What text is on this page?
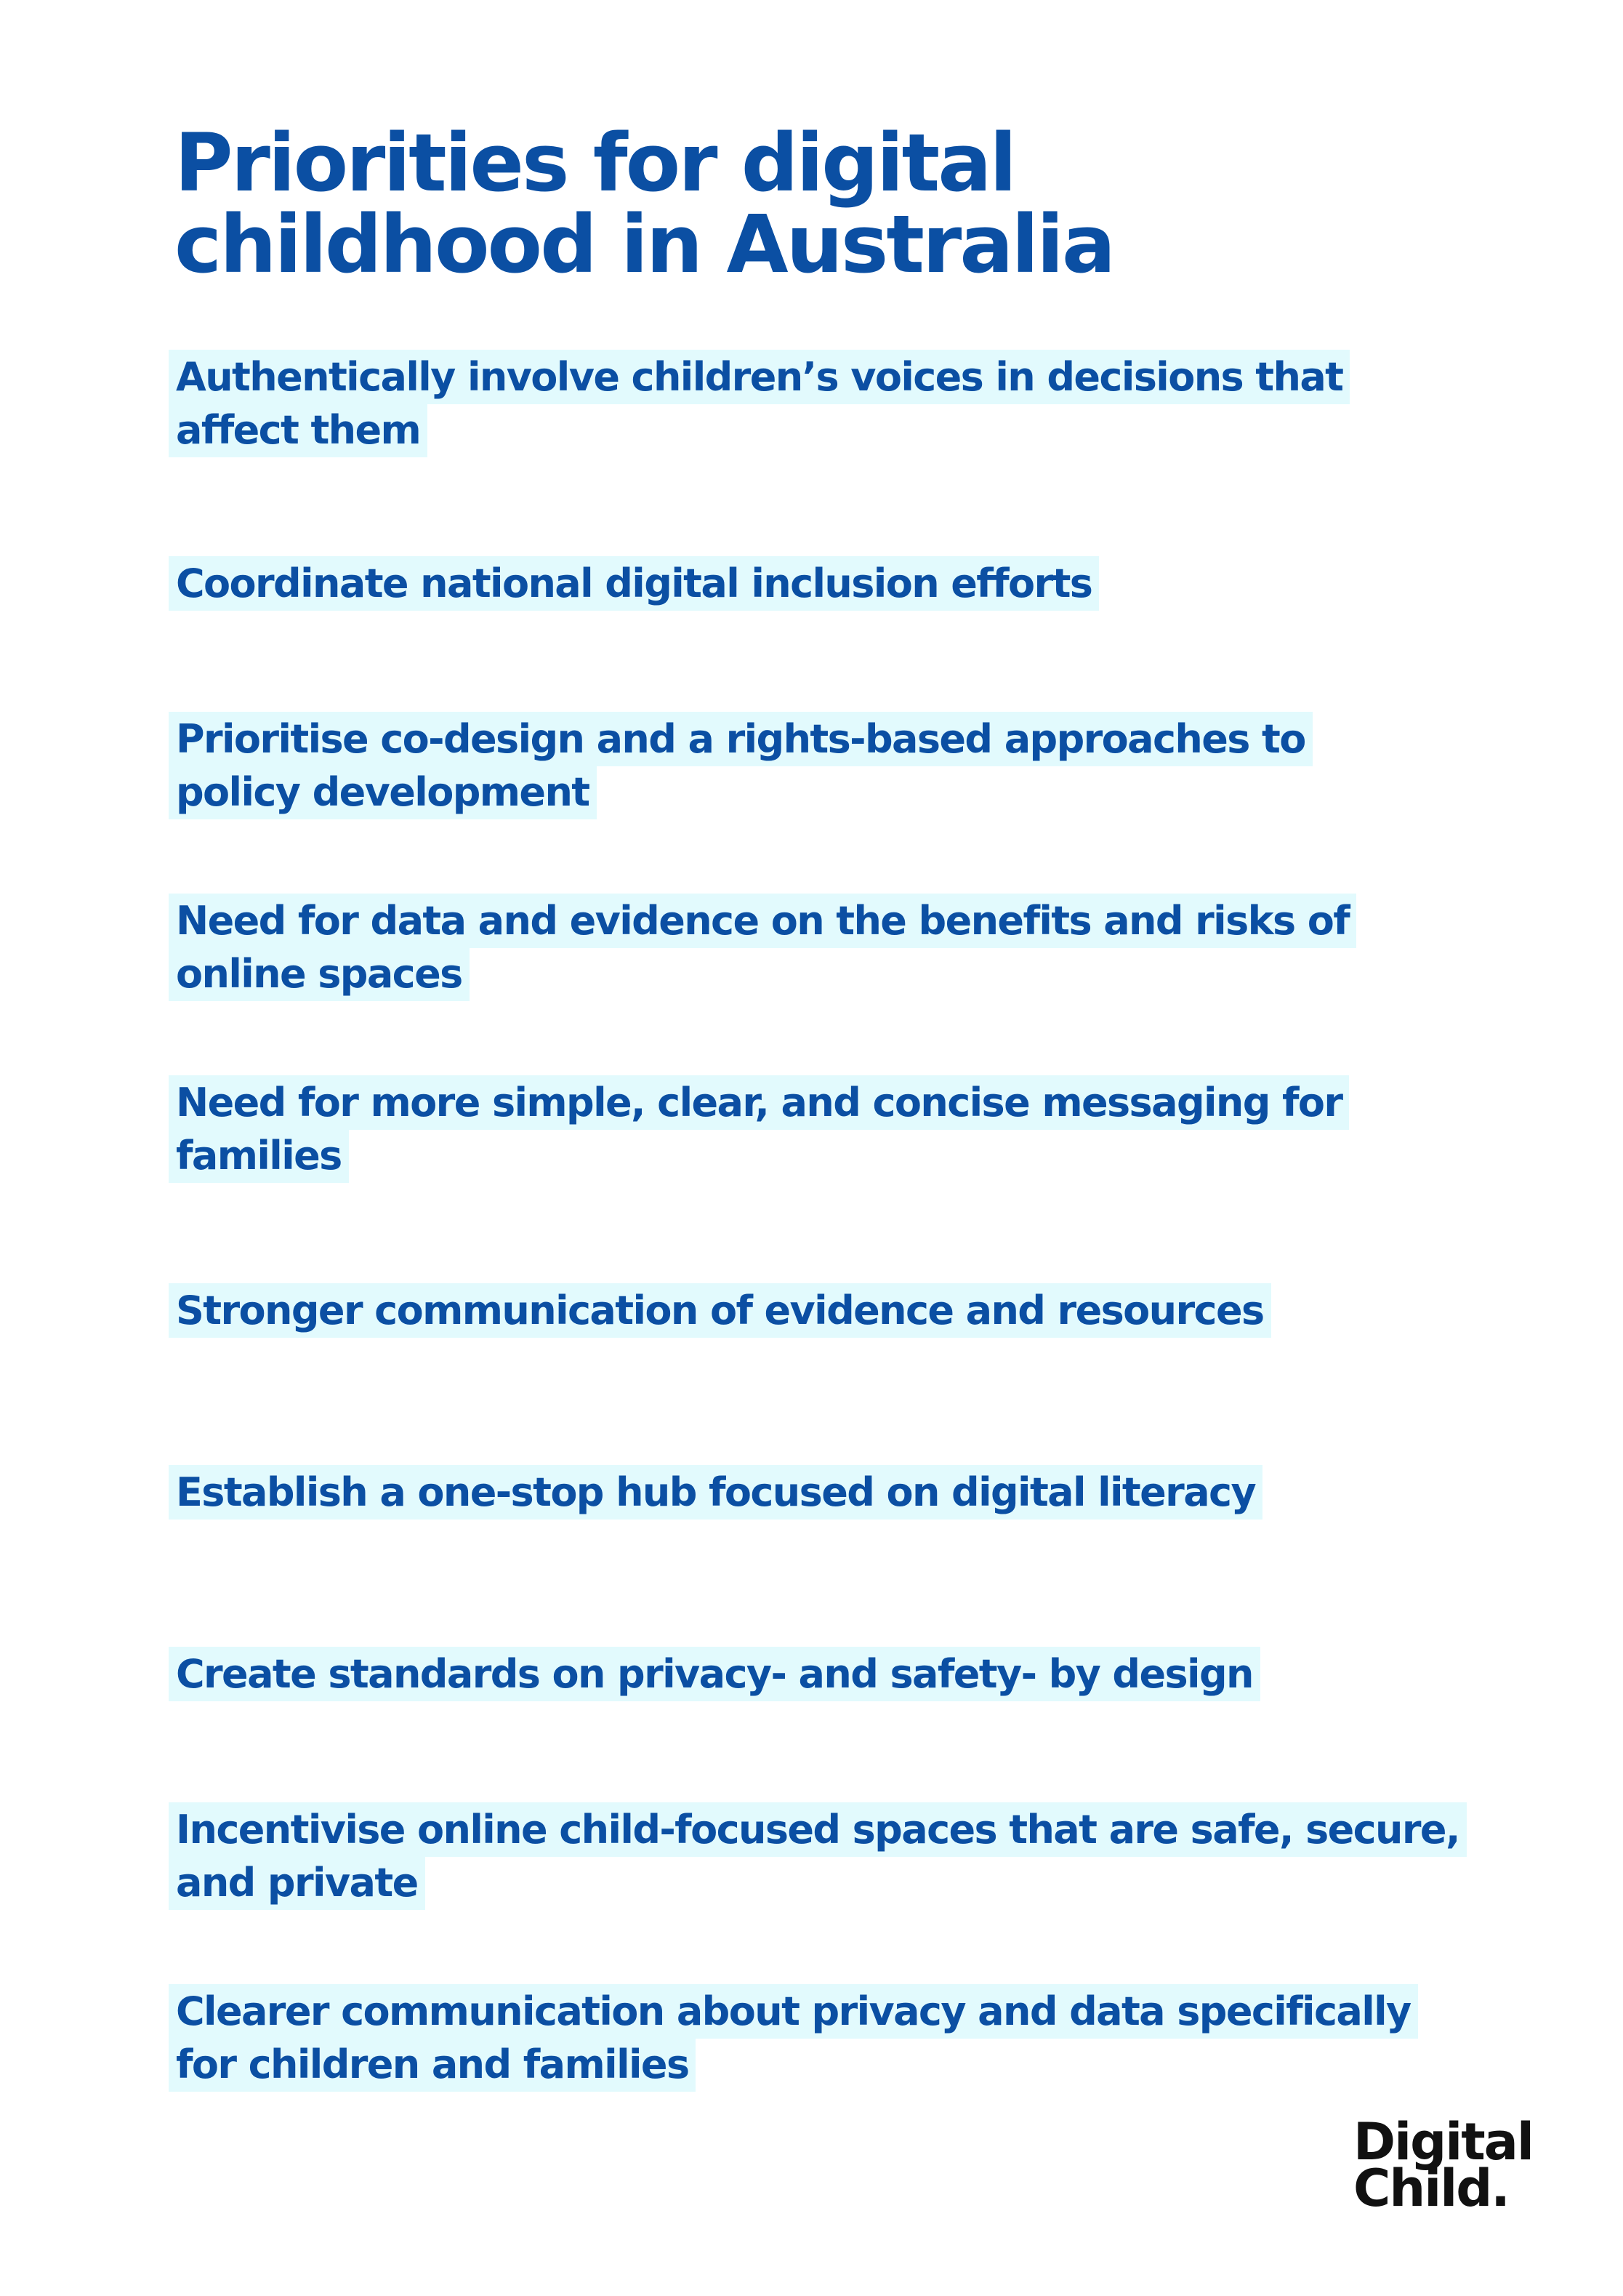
Priorities for digital
childhood in Australia
Authentically involve children’s voices in decisions that
affect them
Coordinate national digital inclusion efforts
Prioritise co-design and a rights-based approaches to
policy development
Need for data and evidence on the benefits and risks of
online spaces
Need for more simple, clear, and concise messaging for
families
Stronger communication of evidence and resources
Establish a one-stop hub focused on digital literacy
Create standards on privacy- and safety- by design
Incentivise online child-focused spaces that are safe, secure,
and private
Clearer communication about privacy and data specifically
for children and families
Digital
Child.
